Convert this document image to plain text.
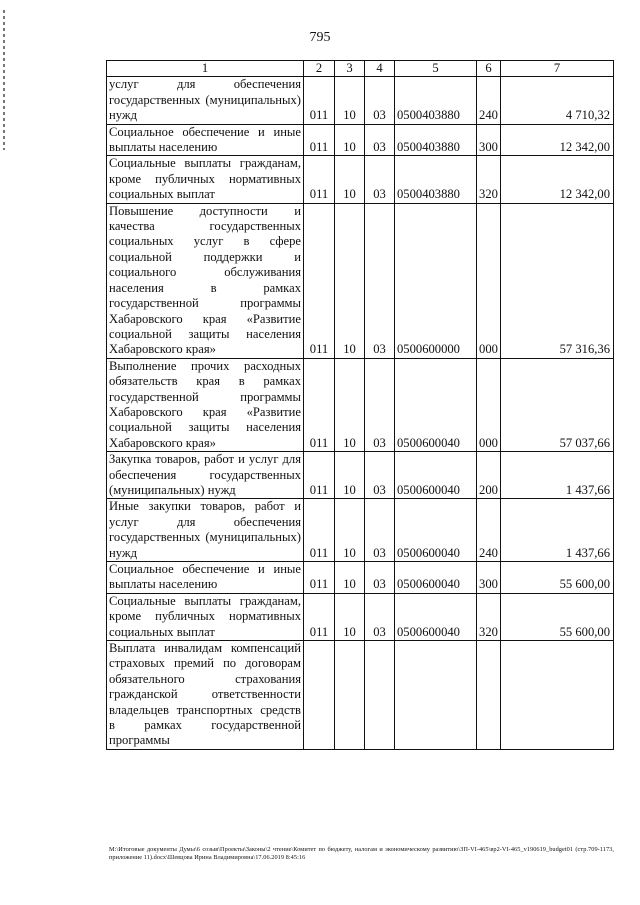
795
1	2	3	4	5	6	7
услуг для обеспечения государственных (муниципальных) нужд	011	10	03	0500403880	240	4 710,32
Социальное обеспечение и иные выплаты населению	011	10	03	0500403880	300	12 342,00
Социальные выплаты гражданам, кроме публичных нормативных социальных выплат	011	10	03	0500403880	320	12 342,00
Повышение доступности и качества государственных социальных услуг в сфере социальной поддержки и социального обслуживания населения в рамках государственной программы Хабаровского края «Развитие социальной защиты населения Хабаровского края»	011	10	03	0500600000	000	57 316,36
Выполнение прочих расходных обязательств края в рамках государственной программы Хабаровского края «Развитие социальной защиты населения Хабаровского края»	011	10	03	0500600040	000	57 037,66
Закупка товаров, работ и услуг для обеспечения государственных (муниципальных) нужд	011	10	03	0500600040	200	1 437,66
Иные закупки товаров, работ и услуг для обеспечения государственных (муниципальных) нужд	011	10	03	0500600040	240	1 437,66
Социальное обеспечение и иные выплаты населению	011	10	03	0500600040	300	55 600,00
Социальные выплаты гражданам, кроме публичных нормативных социальных выплат	011	10	03	0500600040	320	55 600,00
Выплата инвалидам компенсаций страховых премий по договорам обязательного страхования гражданской ответственности владельцев транспортных средств в рамках государственной программы						
M:\Итоговые документы Думы\6 созыв\Проекты\Законы\2 чтение\Комитет по бюджету, налогам и экономическому развитию\ЗП-VI-465\вр2-VI-465_v190619_budget01 (стр.709-1173, приложение 11).docx\Шевцова Ирина Владимировна\17.06.2019 8:45:16
